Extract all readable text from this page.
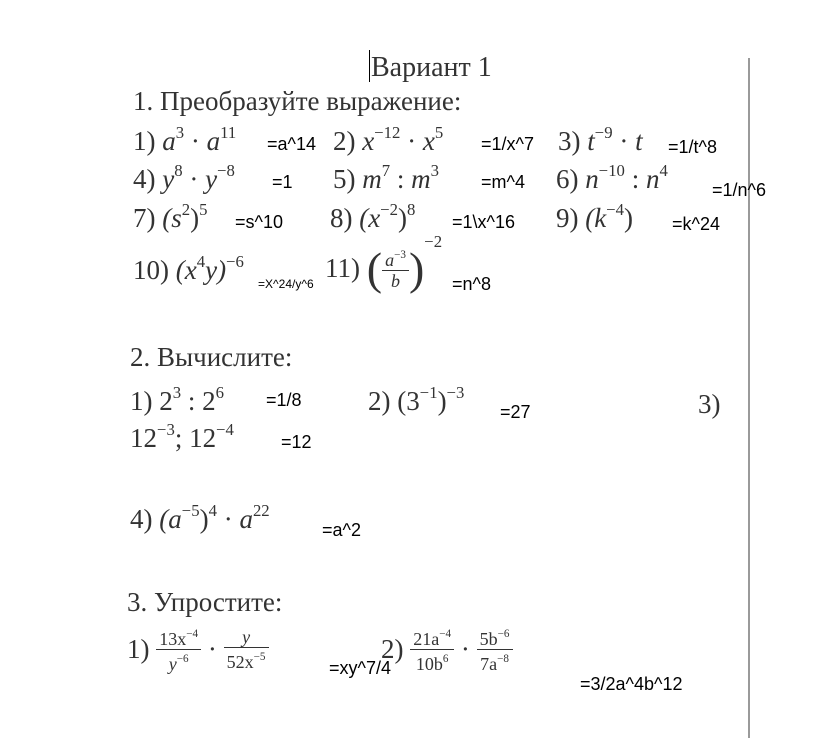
Вариант 1
1. Преобразуйте выражение:
1) $a^3 \cdot a^{11}$
=a^14 2) $x^{-12} \cdot x^5$
=1/x^7 3) $t^{-9} \cdot t$ =1/t^8
4) $y^8 \cdot y^{-8}$
=1 5) $m^7$ : $m^3$
=m^4 6) $n^{-10}$ : $n^4$
=1/n^6
7) $(s^2)^5$
=s^10 8) $(x^{-2})^8$
=1\x^16 9) $(k^{-4})$ =k^24
10) $(x^4y)^{-6}$
=X^24/y^6
11) ( $\frac{a^{-3}}{b} )^{-2}$
=n^8
2. Вычислите:
1) $2^3$ : $2^6 =1/8$ 2) $(3^{-1})^{-3}$
=27	3)
$12^{-3}$; $12^{-4}$
=12
4) $(a^{-5})^4 \cdot a^{22}$
=a^2
3. Упростите:
$1) \frac{13x^{-4}}{y^{-6}} \cdot \frac{y}{52x^{-5}}$	=xy^7/4
$2) \frac{21a^{-4}}{10b^6} \cdot \frac{5b^{-6}}{7a^{-8}}$
=3/2a^4b^12
